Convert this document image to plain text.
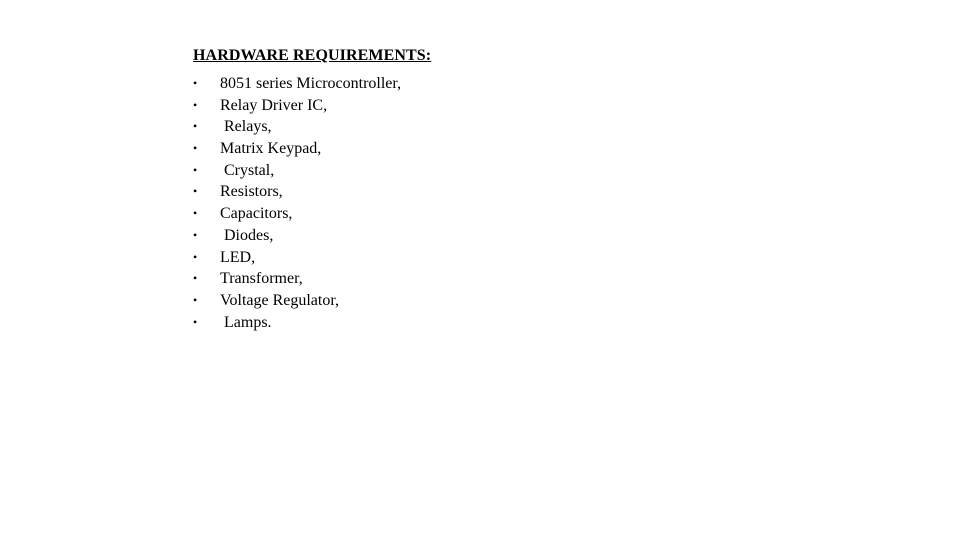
HARDWARE REQUIREMENTS:
• 8051 series Microcontroller,
• Relay Driver IC,
• Relays,
• Matrix Keypad,
• Crystal,
• Resistors,
• Capacitors,
• Diodes,
• LED,
• Transformer,
• Voltage Regulator,
• Lamps.
